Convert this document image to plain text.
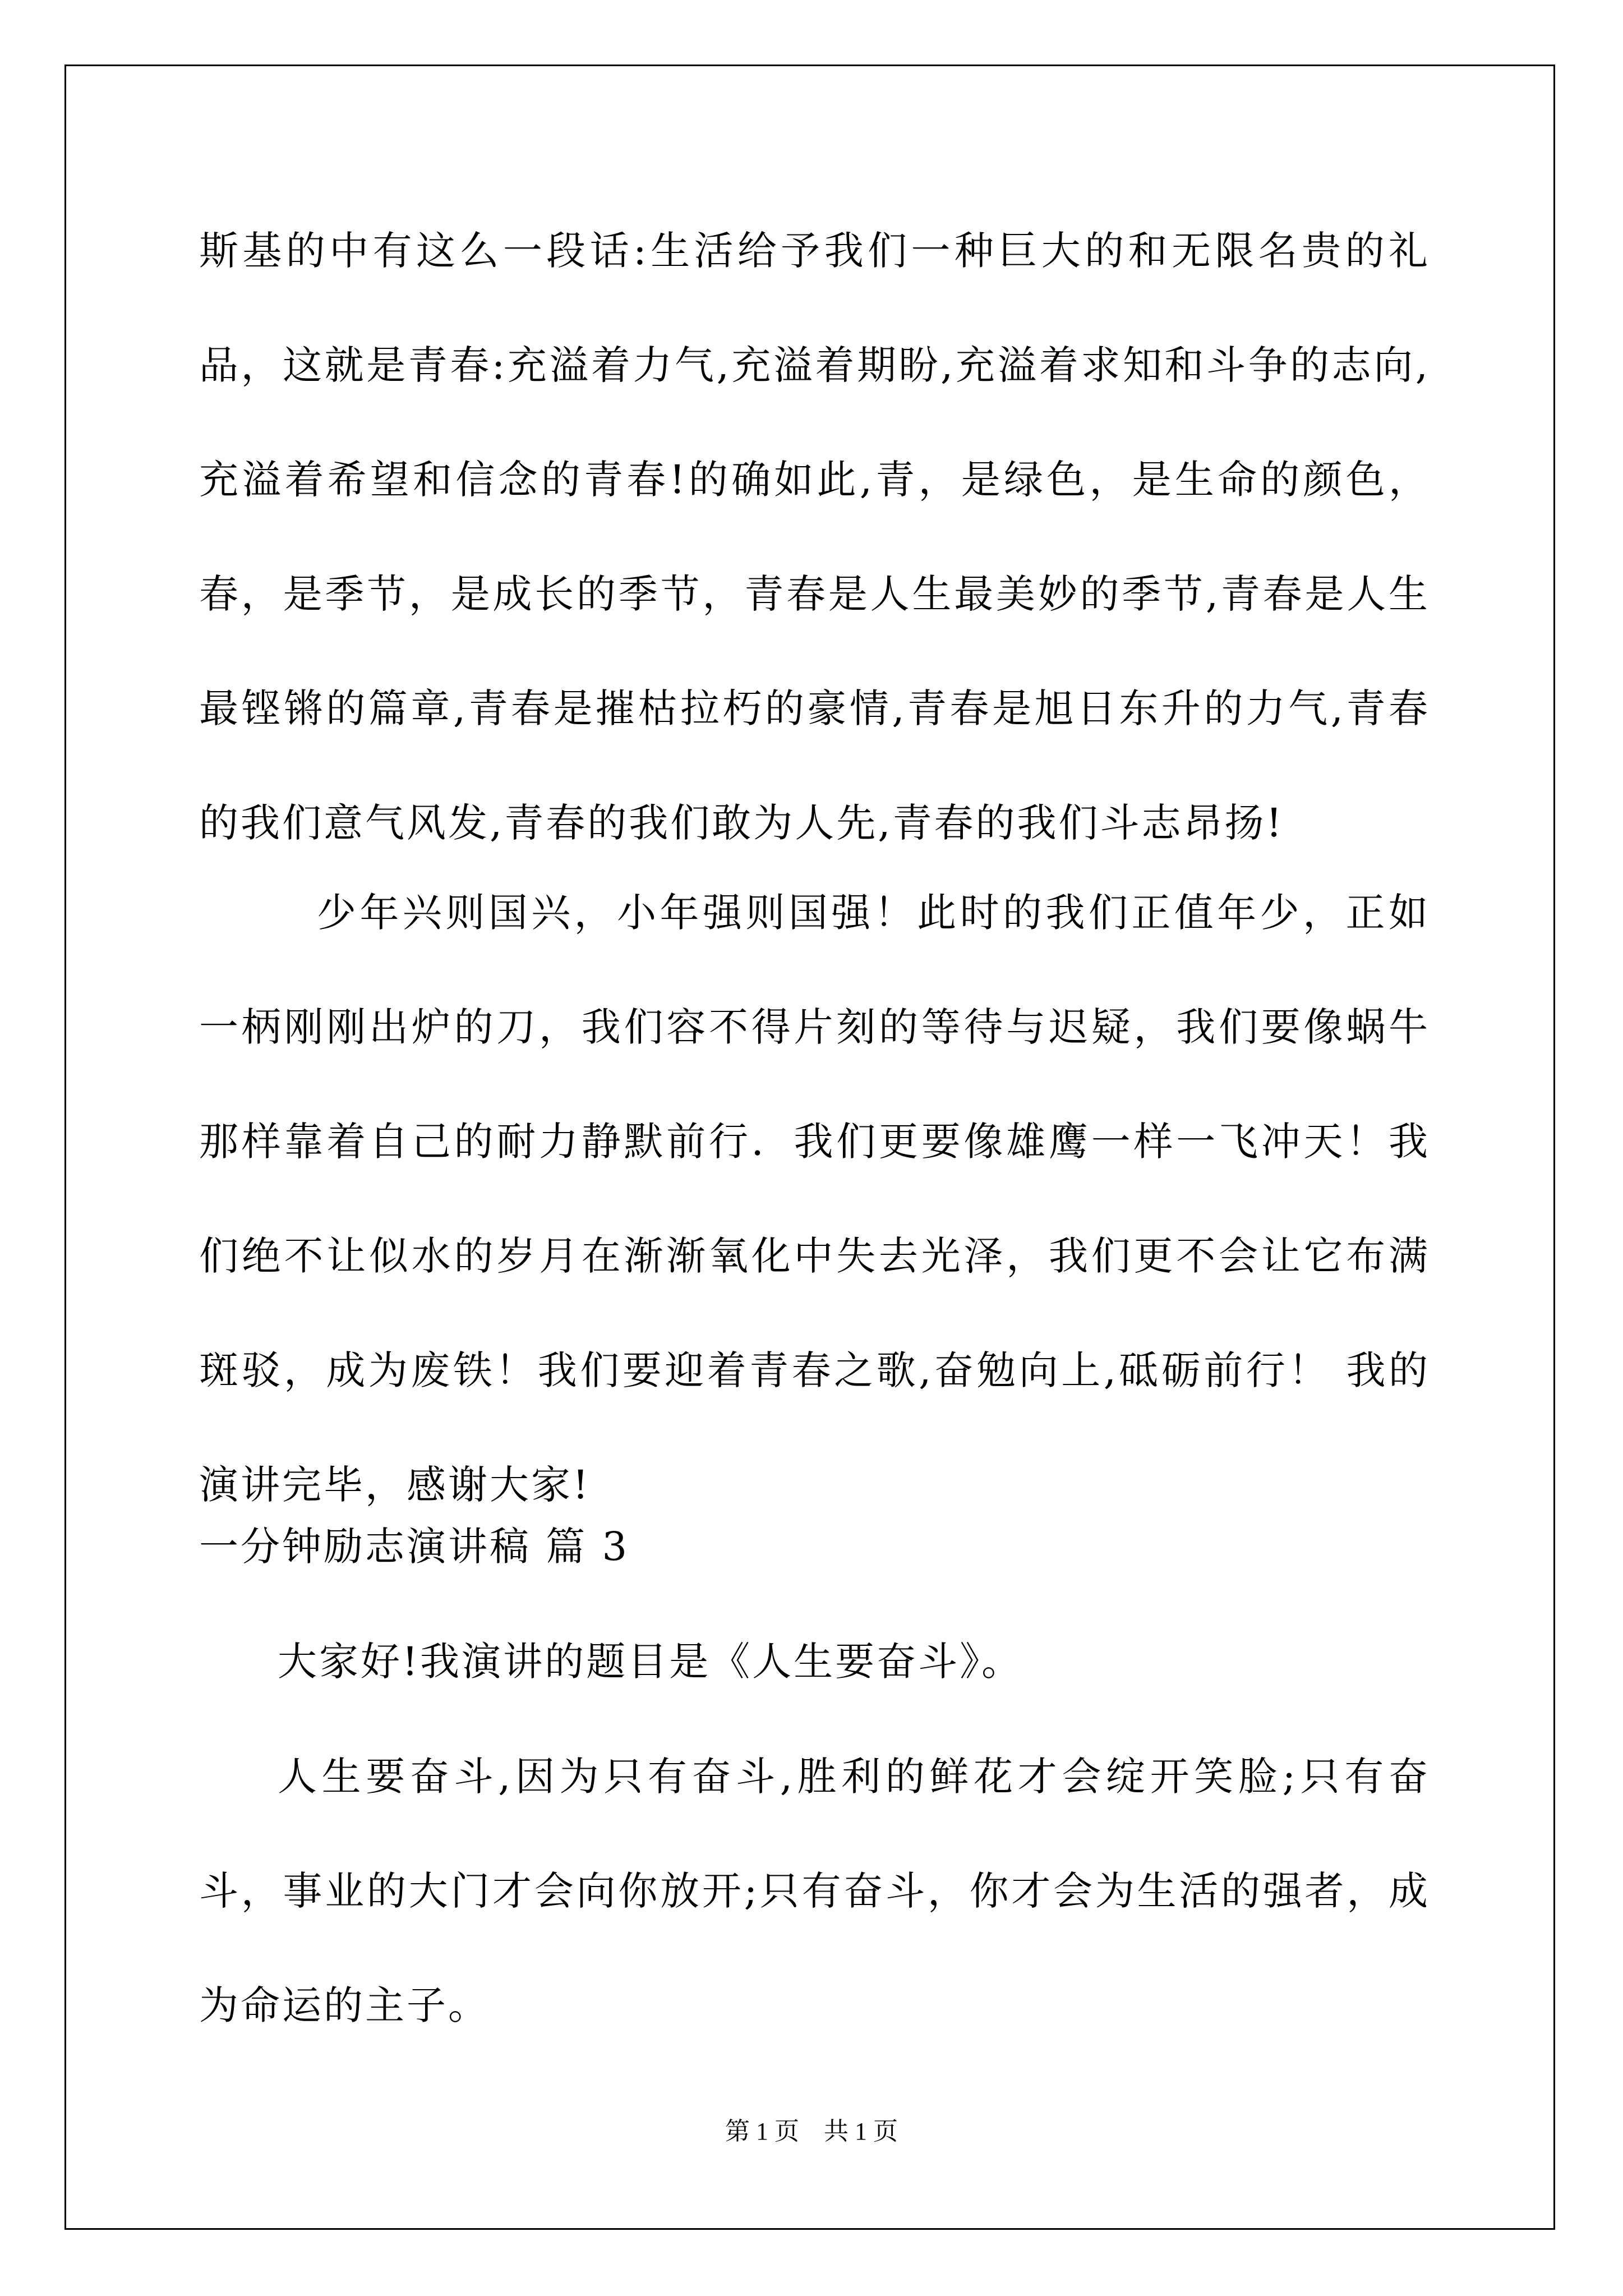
斯基的中有这么一段话:生活给予我们一种巨大的和无限名贵的礼品，这就是青春:充溢着力气,充溢着期盼,充溢着求知和斗争的志向,充溢着希望和信念的青春!的确如此,青，是绿色，是生命的颜色，春，是季节，是成长的季节，青春是人生最美妙的季节,青春是人生最铿锵的篇章,青春是摧枯拉朽的豪情,青春是旭日东升的力气,青春的我们意气风发,青春的我们敢为人先,青春的我们斗志昂扬!

少年兴则国兴，小年强则国强！此时的我们正值年少，正如一柄刚刚出炉的刀，我们容不得片刻的等待与迟疑，我们要像蜗牛那样靠着自己的耐力静默前行．我们更要像雄鹰一样一飞冲天！我们绝不让似水的岁月在渐渐氧化中失去光泽，我们更不会让它布满斑驳，成为废铁！我们要迎着青春之歌,奋勉向上,砥砺前行！ 我的演讲完毕，感谢大家!

一分钟励志演讲稿 篇 3

大家好!我演讲的题目是《人生要奋斗》。

人生要奋斗,因为只有奋斗,胜利的鲜花才会绽开笑脸;只有奋斗，事业的大门才会向你放开;只有奋斗，你才会为生活的强者，成为命运的主子。

第 1 页　共 1 页
